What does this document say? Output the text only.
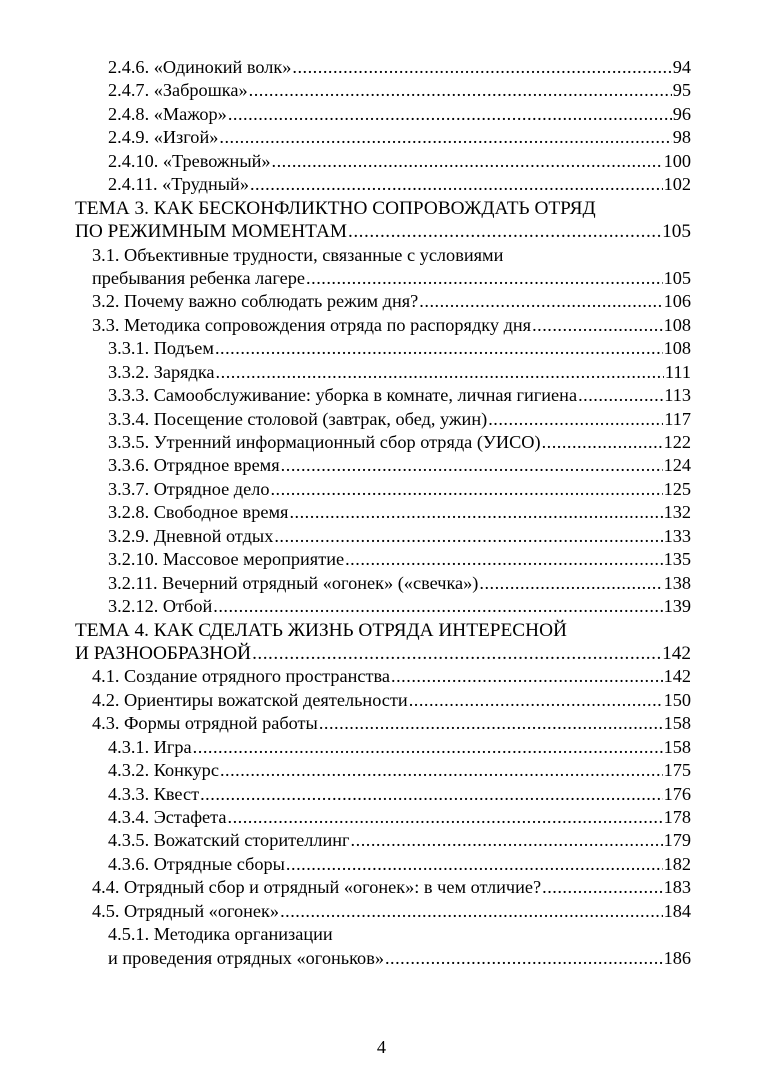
2.4.6. «Одинокий волк» .....	94
2.4.7. «Заброшка» .....	95
2.4.8. «Мажор» .....	96
2.4.9. «Изгой» .....	98
2.4.10. «Тревожный» .....	100
2.4.11. «Трудный» .....	102
ТЕМА 3. КАК БЕСКОНФЛИКТНО СОПРОВОЖДАТЬ ОТРЯД
ПО РЕЖИМНЫМ МОМЕНТАМ .....	105
3.1. Объективные трудности, связанные с условиями
пребывания ребенка лагере .....	105
3.2. Почему важно соблюдать режим дня? .....	106
3.3. Методика сопровождения отряда по распорядку дня .....	108
3.3.1. Подъем .....	108
3.3.2. Зарядка .....	111
3.3.3. Самообслуживание: уборка в комнате, личная гигиена .....	113
3.3.4. Посещение столовой (завтрак, обед, ужин) .....	117
3.3.5. Утренний информационный сбор отряда (УИСО) .....	122
3.3.6. Отрядное время .....	124
3.3.7. Отрядное дело .....	125
3.2.8. Свободное время .....	132
3.2.9. Дневной отдых .....	133
3.2.10. Массовое мероприятие .....	135
3.2.11. Вечерний отрядный «огонек» («свечка») .....	138
3.2.12. Отбой .....	139
ТЕМА 4. КАК СДЕЛАТЬ ЖИЗНЬ ОТРЯДА ИНТЕРЕСНОЙ
И РАЗНООБРАЗНОЙ .....	142
4.1. Создание отрядного пространства .....	142
4.2. Ориентиры вожатской деятельности .....	150
4.3. Формы отрядной работы .....	158
4.3.1. Игра .....	158
4.3.2. Конкурс .....	175
4.3.3. Квест .....	176
4.3.4. Эстафета .....	178
4.3.5. Вожатский сторителлинг .....	179
4.3.6. Отрядные сборы .....	182
4.4. Отрядный сбор и отрядный «огонек»: в чем отличие? .....	183
4.5. Отрядный «огонек» .....	184
4.5.1. Методика организации
и проведения отрядных «огоньков» .....	186
4
